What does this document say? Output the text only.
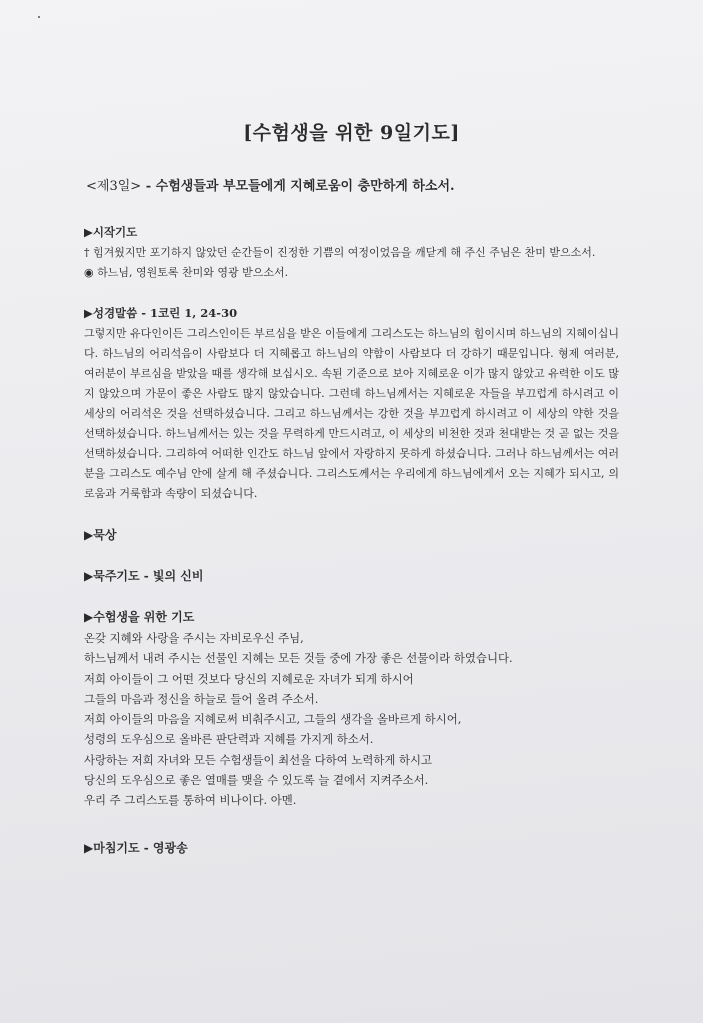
[수험생을 위한 9일기도]

<제3일> - 수험생들과 부모들에게 지혜로움이 충만하게 하소서.

▶시작기도

† 힘겨웠지만 포기하지 않았던 순간들이 진정한 기쁨의 여정이었음을 깨닫게 해 주신 주님은 찬미 받으소서.

◉ 하느님, 영원토록 찬미와 영광 받으소서.

▶성경말씀 - 1코린 1, 24-30

그렇지만 유다인이든 그리스인이든 부르심을 받은 이들에게 그리스도는 하느님의 힘이시며 하느님의 지혜이십니다. 하느님의 어리석음이 사람보다 더 지혜롭고 하느님의 약함이 사람보다 더 강하기 때문입니다. 형제 여러분, 여러분이 부르심을 받았을 때를 생각해 보십시오. 속된 기준으로 보아 지혜로운 이가 많지 않았고 유력한 이도 많지 않았으며 가문이 좋은 사람도 많지 않았습니다. 그런데 하느님께서는 지혜로운 자들을 부끄럽게 하시려고 이 세상의 어리석은 것을 선택하셨습니다. 그리고 하느님께서는 강한 것을 부끄럽게 하시려고 이 세상의 약한 것을 선택하셨습니다. 하느님께서는 있는 것을 무력하게 만드시려고, 이 세상의 비천한 것과 천대받는 것 곧 없는 것을 선택하셨습니다. 그리하여 어떠한 인간도 하느님 앞에서 자랑하지 못하게 하셨습니다. 그러나 하느님께서는 여러분을 그리스도 예수님 안에 살게 해 주셨습니다. 그리스도께서는 우리에게 하느님에게서 오는 지혜가 되시고, 의로움과 거룩함과 속량이 되셨습니다.

▶묵상
▶묵주기도 - 빛의 신비
▶수험생을 위한 기도
온갖 지혜와 사랑을 주시는 자비로우신 주님,
하느님께서 내려 주시는 선물인 지혜는 모든 것들 중에 가장 좋은 선물이라 하였습니다.
저희 아이들이 그 어떤 것보다 당신의 지혜로운 자녀가 되게 하시어
그들의 마음과 정신을 하늘로 들어 올려 주소서.
저희 아이들의 마음을 지혜로써 비춰주시고, 그들의 생각을 올바르게 하시어,
성령의 도우심으로 올바른 판단력과 지혜를 가지게 하소서.
사랑하는 저희 자녀와 모든 수험생들이 최선을 다하여 노력하게 하시고
당신의 도우심으로 좋은 열매를 맺을 수 있도록 늘 곁에서 지켜주소서.
우리 주 그리스도를 통하여 비나이다. 아멘.
▶마침기도 - 영광송
